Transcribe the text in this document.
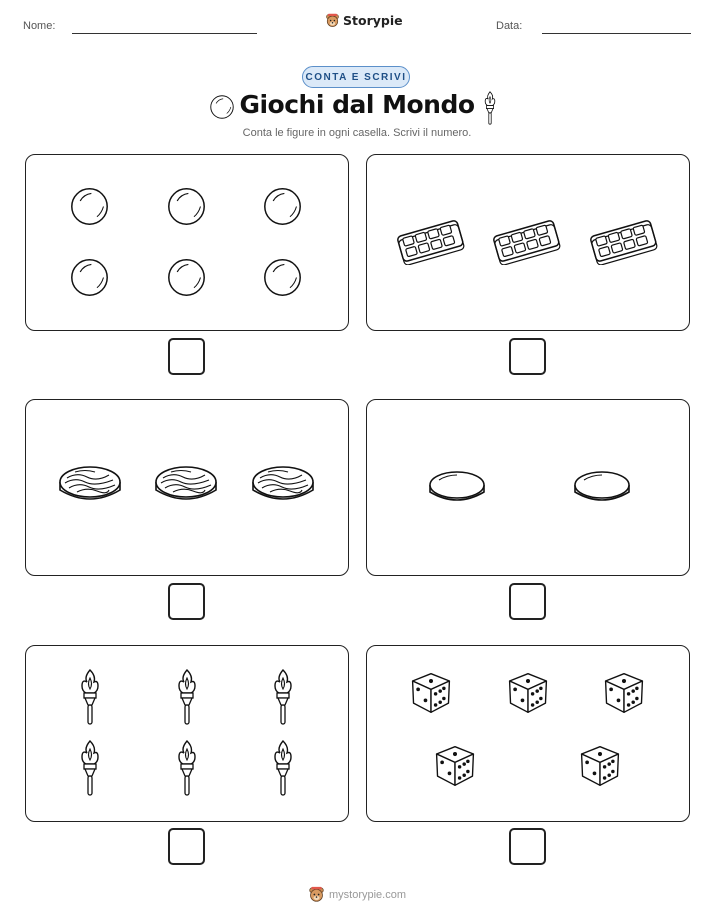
Nome:	Storypie	Data:
CONTA E SCRIVI
Giochi dal Mondo
Conta le figure in ogni casella. Scrivi il numero.
mystorypie.com
